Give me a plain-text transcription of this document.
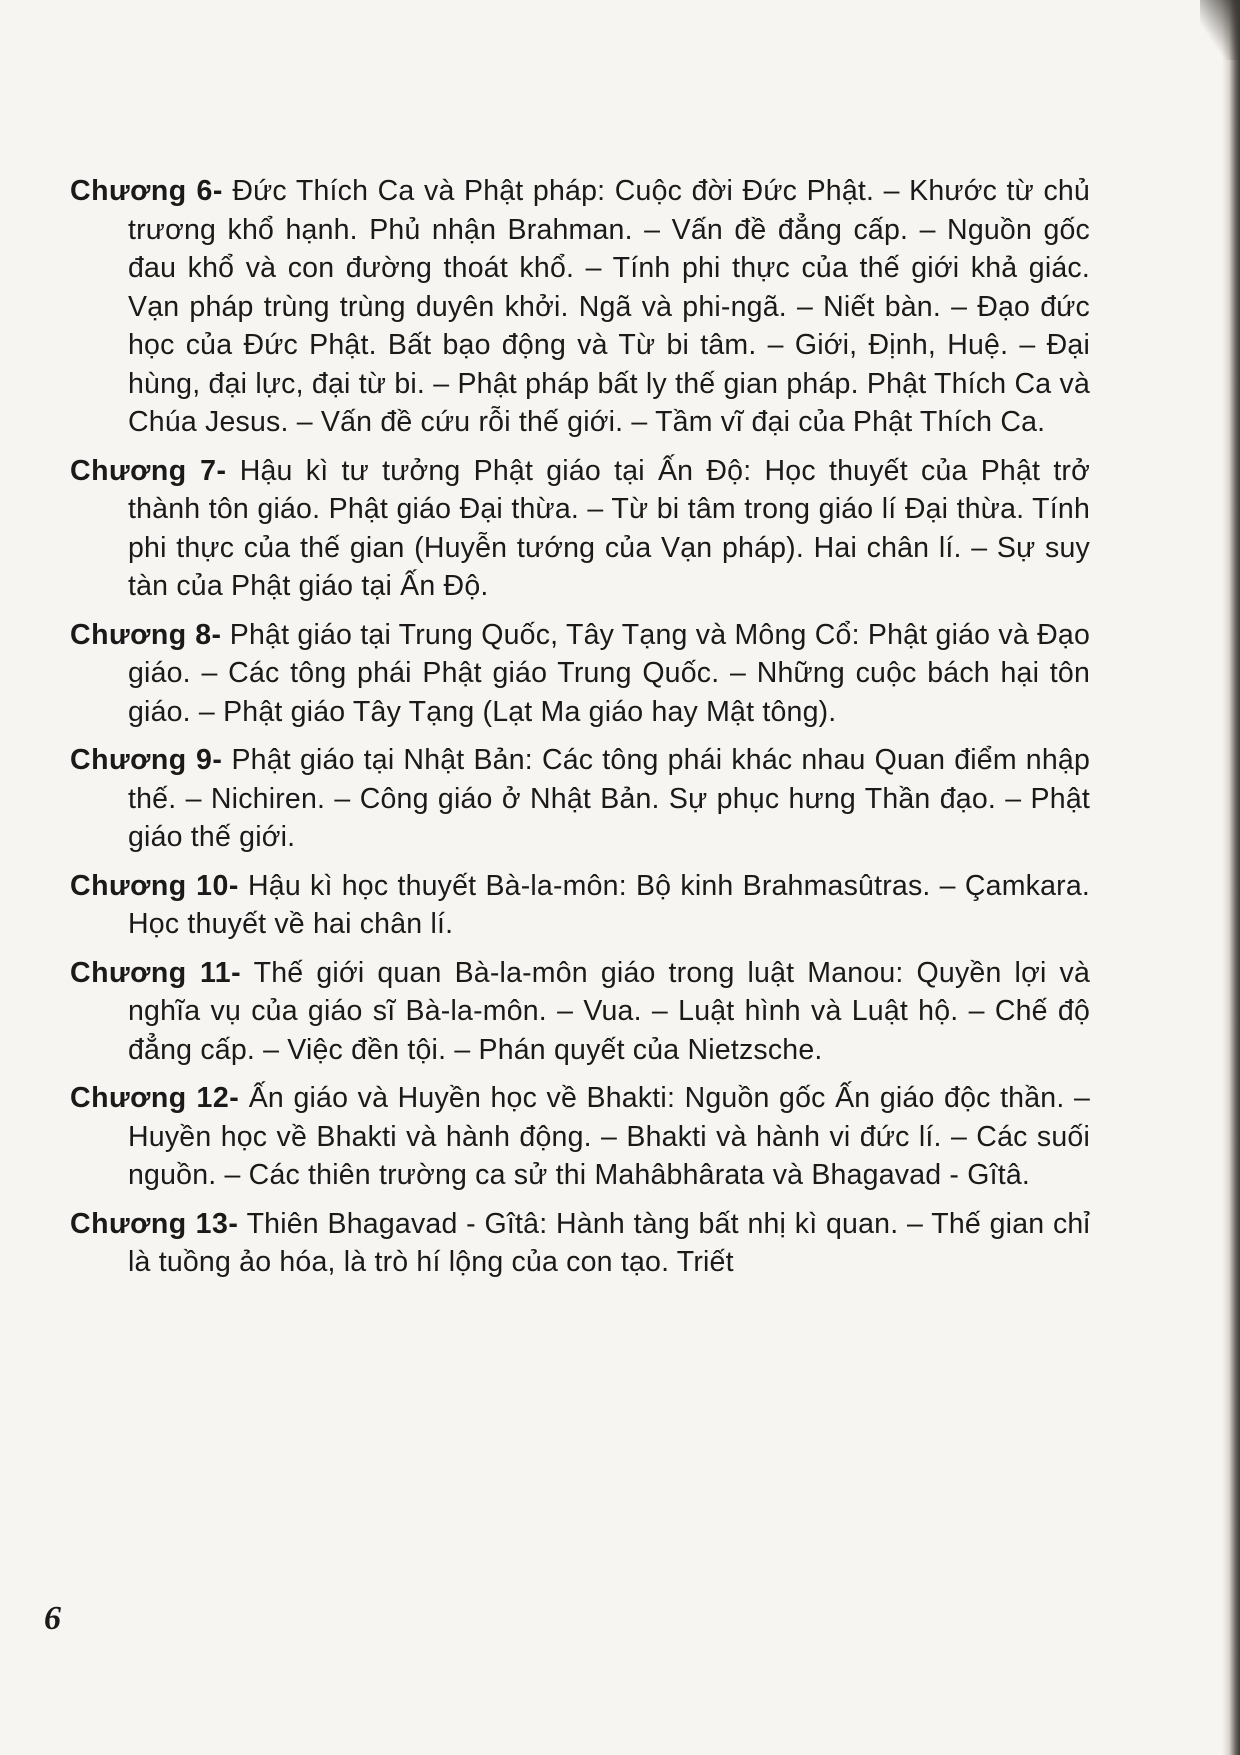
Chương 6- Đức Thích Ca và Phật pháp: Cuộc đời Đức Phật. – Khước từ chủ trương khổ hạnh. Phủ nhận Brahman. – Vấn đề đẳng cấp. – Nguồn gốc đau khổ và con đường thoát khổ. – Tính phi thực của thế giới khả giác. Vạn pháp trùng trùng duyên khởi. Ngã và phi-ngã. – Niết bàn. – Đạo đức học của Đức Phật. Bất bạo động và Từ bi tâm. – Giới, Định, Huệ. – Đại hùng, đại lực, đại từ bi. – Phật pháp bất ly thế gian pháp. Phật Thích Ca và Chúa Jesus. – Vấn đề cứu rỗi thế giới. – Tầm vĩ đại của Phật Thích Ca.

Chương 7- Hậu kì tư tưởng Phật giáo tại Ấn Độ: Học thuyết của Phật trở thành tôn giáo. Phật giáo Đại thừa. – Từ bi tâm trong giáo lí Đại thừa. Tính phi thực của thế gian (Huyễn tướng của Vạn pháp). Hai chân lí. – Sự suy tàn của Phật giáo tại Ấn Độ.

Chương 8- Phật giáo tại Trung Quốc, Tây Tạng và Mông Cổ: Phật giáo và Đạo giáo. – Các tông phái Phật giáo Trung Quốc. – Những cuộc bách hại tôn giáo. – Phật giáo Tây Tạng (Lạt Ma giáo hay Mật tông).

Chương 9- Phật giáo tại Nhật Bản: Các tông phái khác nhau Quan điểm nhập thế. – Nichiren. – Công giáo ở Nhật Bản. Sự phục hưng Thần đạo. – Phật giáo thế giới.

Chương 10- Hậu kì học thuyết Bà-la-môn: Bộ kinh Brahmasûtras. – Çamkara. Học thuyết về hai chân lí.

Chương 11- Thế giới quan Bà-la-môn giáo trong luật Manou: Quyền lợi và nghĩa vụ của giáo sĩ Bà-la-môn. – Vua. – Luật hình và Luật hộ. – Chế độ đẳng cấp. – Việc đền tội. – Phán quyết của Nietzsche.

Chương 12- Ấn giáo và Huyền học về Bhakti: Nguồn gốc Ấn giáo độc thần. – Huyền học về Bhakti và hành động. – Bhakti và hành vi đức lí. – Các suối nguồn. – Các thiên trường ca sử thi Mahâbhârata và Bhagavad - Gîtâ.

Chương 13- Thiên Bhagavad - Gîtâ: Hành tàng bất nhị kì quan. – Thế gian chỉ là tuồng ảo hóa, là trò hí lộng của con tạo. Triết

6
